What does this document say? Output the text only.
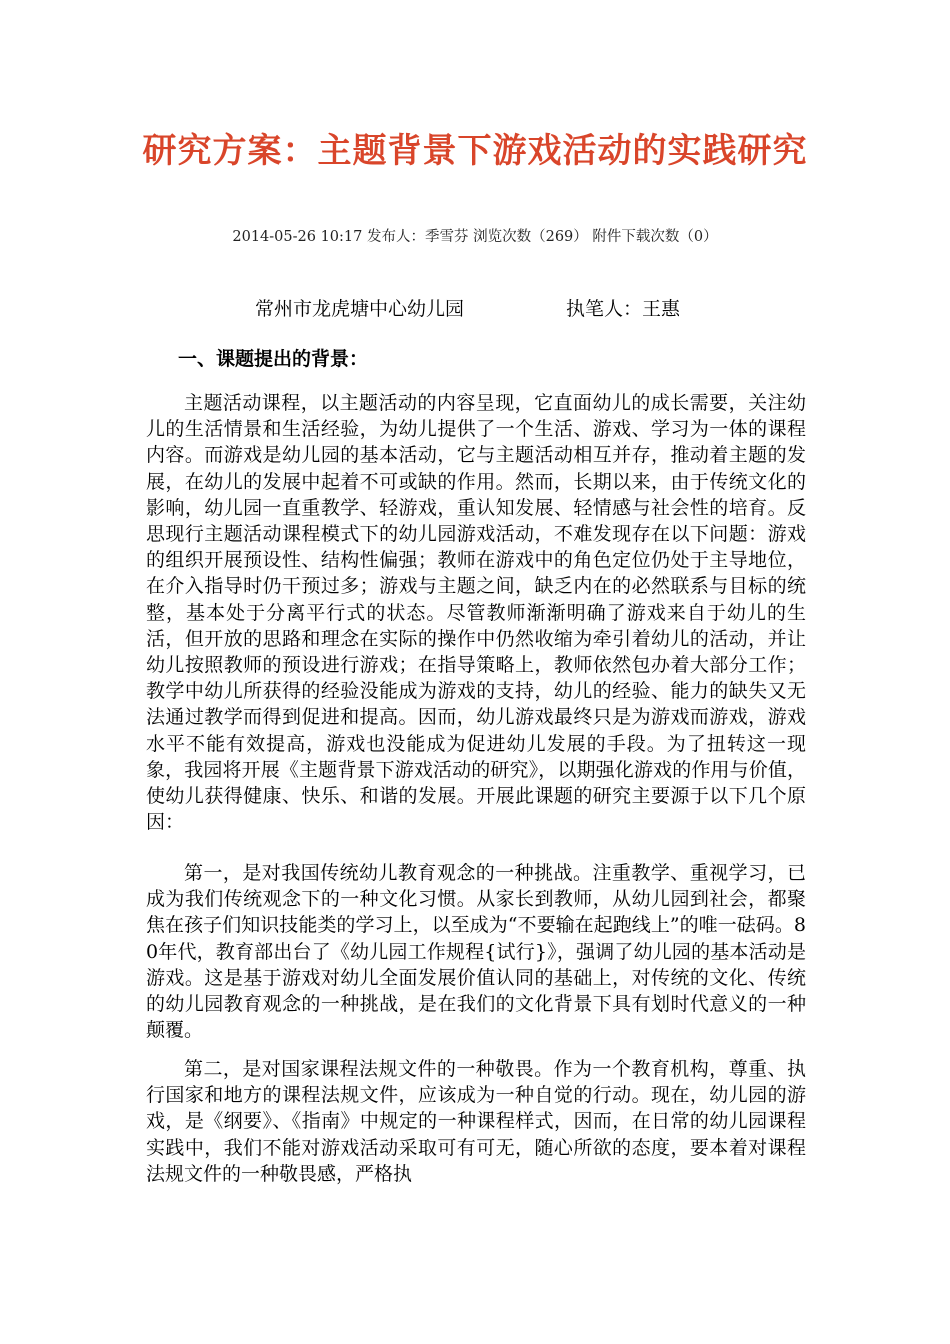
研究方案：主题背景下游戏活动的实践研究
2014-05-26 10:17 发布人：季雪芬 浏览次数（269） 附件下载次数（0）
常州市龙虎塘中心幼儿园	执笔人：王惠
一、课题提出的背景：

主题活动课程，以主题活动的内容呈现，它直面幼儿的成长需要，关注幼儿的生活情景和生活经验，为幼儿提供了一个生活、游戏、学习为一体的课程内容。而游戏是幼儿园的基本活动，它与主题活动相互并存，推动着主题的发展，在幼儿的发展中起着不可或缺的作用。然而，长期以来，由于传统文化的影响，幼儿园一直重教学、轻游戏，重认知发展、轻情感与社会性的培育。反思现行主题活动课程模式下的幼儿园游戏活动，不难发现存在以下问题：游戏的组织开展预设性、结构性偏强；教师在游戏中的角色定位仍处于主导地位，在介入指导时仍干预过多；游戏与主题之间，缺乏内在的必然联系与目标的统整，基本处于分离平行式的状态。尽管教师渐渐明确了游戏来自于幼儿的生活，但开放的思路和理念在实际的操作中仍然收缩为牵引着幼儿的活动，并让幼儿按照教师的预设进行游戏；在指导策略上，教师依然包办着大部分工作；教学中幼儿所获得的经验没能成为游戏的支持，幼儿的经验、能力的缺失又无法通过教学而得到促进和提高。因而，幼儿游戏最终只是为游戏而游戏，游戏水平不能有效提高，游戏也没能成为促进幼儿发展的手段。为了扭转这一现象，我园将开展《主题背景下游戏活动的研究》，以期强化游戏的作用与价值，使幼儿获得健康、快乐、和谐的发展。开展此课题的研究主要源于以下几个原因：

第一，是对我国传统幼儿教育观念的一种挑战。注重教学、重视学习，已成为我们传统观念下的一种文化习惯。从家长到教师，从幼儿园到社会，都聚焦在孩子们知识技能类的学习上，以至成为“不要输在起跑线上”的唯一砝码。80年代，教育部出台了《幼儿园工作规程{试行}》，强调了幼儿园的基本活动是游戏。这是基于游戏对幼儿全面发展价值认同的基础上，对传统的文化、传统的幼儿园教育观念的一种挑战，是在我们的文化背景下具有划时代意义的一种颠覆。

第二，是对国家课程法规文件的一种敬畏。作为一个教育机构，尊重、执行国家和地方的课程法规文件，应该成为一种自觉的行动。现在，幼儿园的游戏，是《纲要》、《指南》中规定的一种课程样式，因而，在日常的幼儿园课程实践中，我们不能对游戏活动采取可有可无，随心所欲的态度，要本着对课程法规文件的一种敬畏感，严格执
